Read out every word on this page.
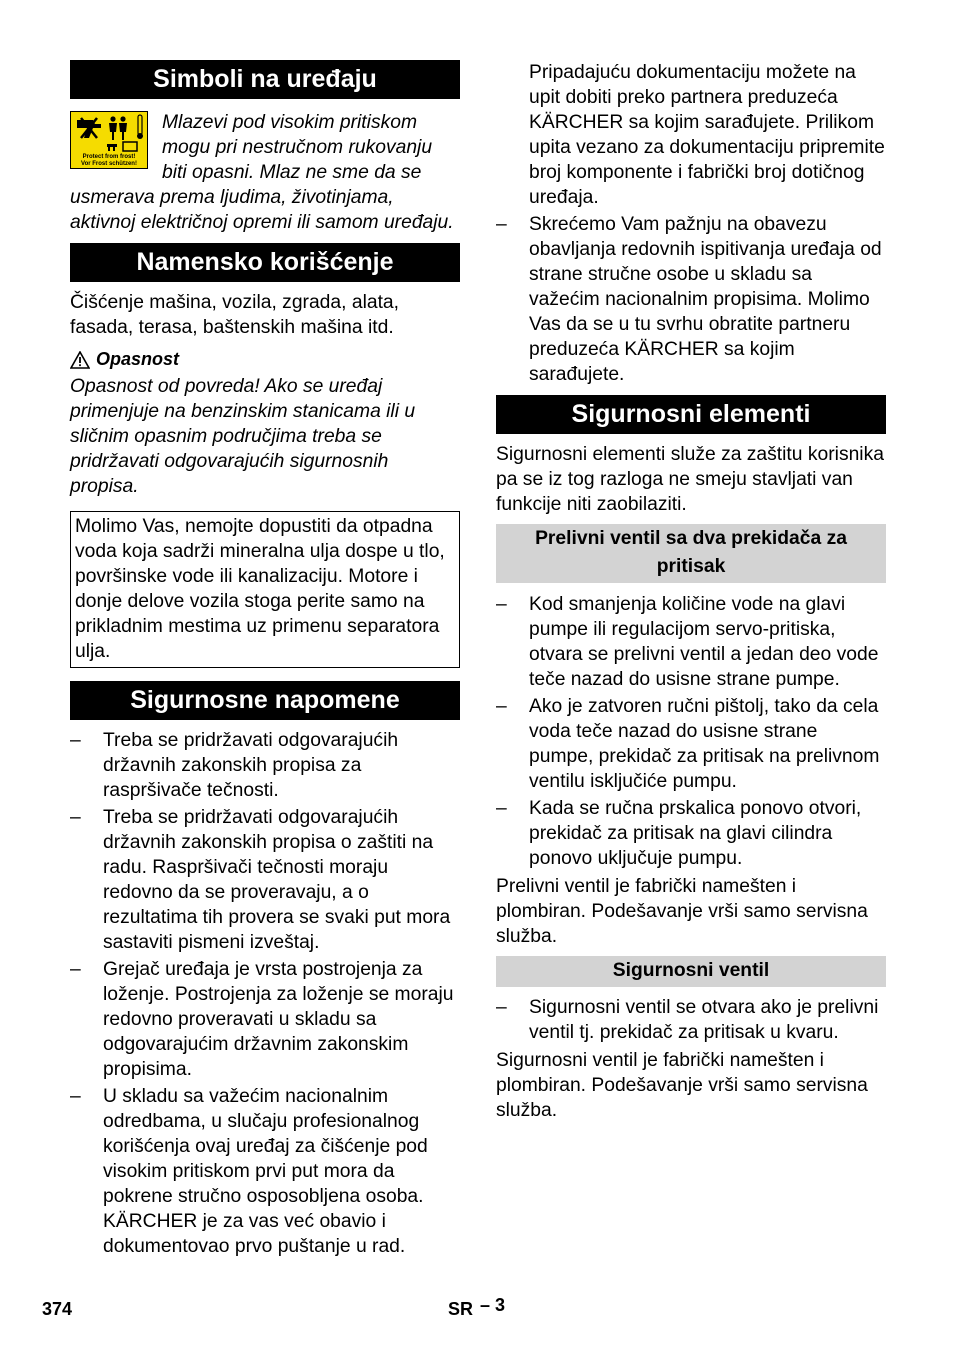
Simboli na uređaju
Protect from frost!
Vor Frost schützen!

Mlazevi pod visokim pritiskom mogu pri nestručnom rukovanju biti opasni. Mlaz ne sme da se usmerava prema ljudima, životinjama, aktivnoj električnoj opremi ili samom uređaju.

Namensko korišćenje

Čišćenje mašina, vozila, zgrada, alata, fasada, terasa, baštenskih mašina itd.

Opasnost

Opasnost od povreda! Ako se uređaj primenjuje na benzinskim stanicama ili u sličnim opasnim područjima treba se pridržavati odgovarajućih sigurnosnih propisa.

Molimo Vas, nemojte dopustiti da otpadna voda koja sadrži mineralna ulja dospe u tlo, površinske vode ili kanalizaciju. Motore i donje delove vozila stoga perite samo na prikladnim mestima uz primenu separatora ulja.

Sigurnosne napomene
– Treba se pridržavati odgovarajućih državnih zakonskih propisa za raspršivače tečnosti.
– Treba se pridržavati odgovarajućih državnih zakonskih propisa o zaštiti na radu. Raspršivači tečnosti moraju redovno da se proveravaju, a o rezultatima tih provera se svaki put mora sastaviti pismeni izveštaj.
– Grejač uređaja je vrsta postrojenja za loženje. Postrojenja za loženje se moraju redovno proveravati u skladu sa odgovarajućim državnim zakonskim propisima.
– U skladu sa važećim nacionalnim odredbama, u slučaju profesionalnog korišćenja ovaj uređaj za čišćenje pod visokim pritiskom prvi put mora da pokrene stručno osposobljena osoba. KÄRCHER je za vas već obavio i dokumentovao prvo puštanje u rad.

Pripadajuću dokumentaciju možete na upit dobiti preko partnera preduzeća KÄRCHER sa kojim sarađujete. Prilikom upita vezano za dokumentaciju pripremite broj komponente i fabrički broj dotičnog uređaja.

– Skrećemo Vam pažnju na obavezu obavljanja redovnih ispitivanja uređaja od strane stručne osobe u skladu sa važećim nacionalnim propisima. Molimo Vas da se u tu svrhu obratite partneru preduzeća KÄRCHER sa kojim sarađujete.
Sigurnosni elementi

Sigurnosni elementi služe za zaštitu korisnika pa se iz tog razloga ne smeju stavljati van funkcije niti zaobilaziti.

Prelivni ventil sa dva prekidača za pritisak
– Kod smanjenja količine vode na glavi pumpe ili regulacijom servo-pritiska, otvara se prelivni ventil a jedan deo vode teče nazad do usisne strane pumpe.
– Ako je zatvoren ručni pištolj, tako da cela voda teče nazad do usisne strane pumpe, prekidač za pritisak na prelivnom ventilu isključiće pumpu.
– Kada se ručna prskalica ponovo otvori, prekidač za pritisak na glavi cilindra ponovo uključuje pumpu.

Prelivni ventil je fabrički namešten i plombiran. Podešavanje vrši samo servisna služba.

Sigurnosni ventil
– Sigurnosni ventil se otvara ako je prelivni ventil tj. prekidač za pritisak u kvaru.

Sigurnosni ventil je fabrički namešten i plombiran. Podešavanje vrši samo servisna služba.

374	SR – 3
